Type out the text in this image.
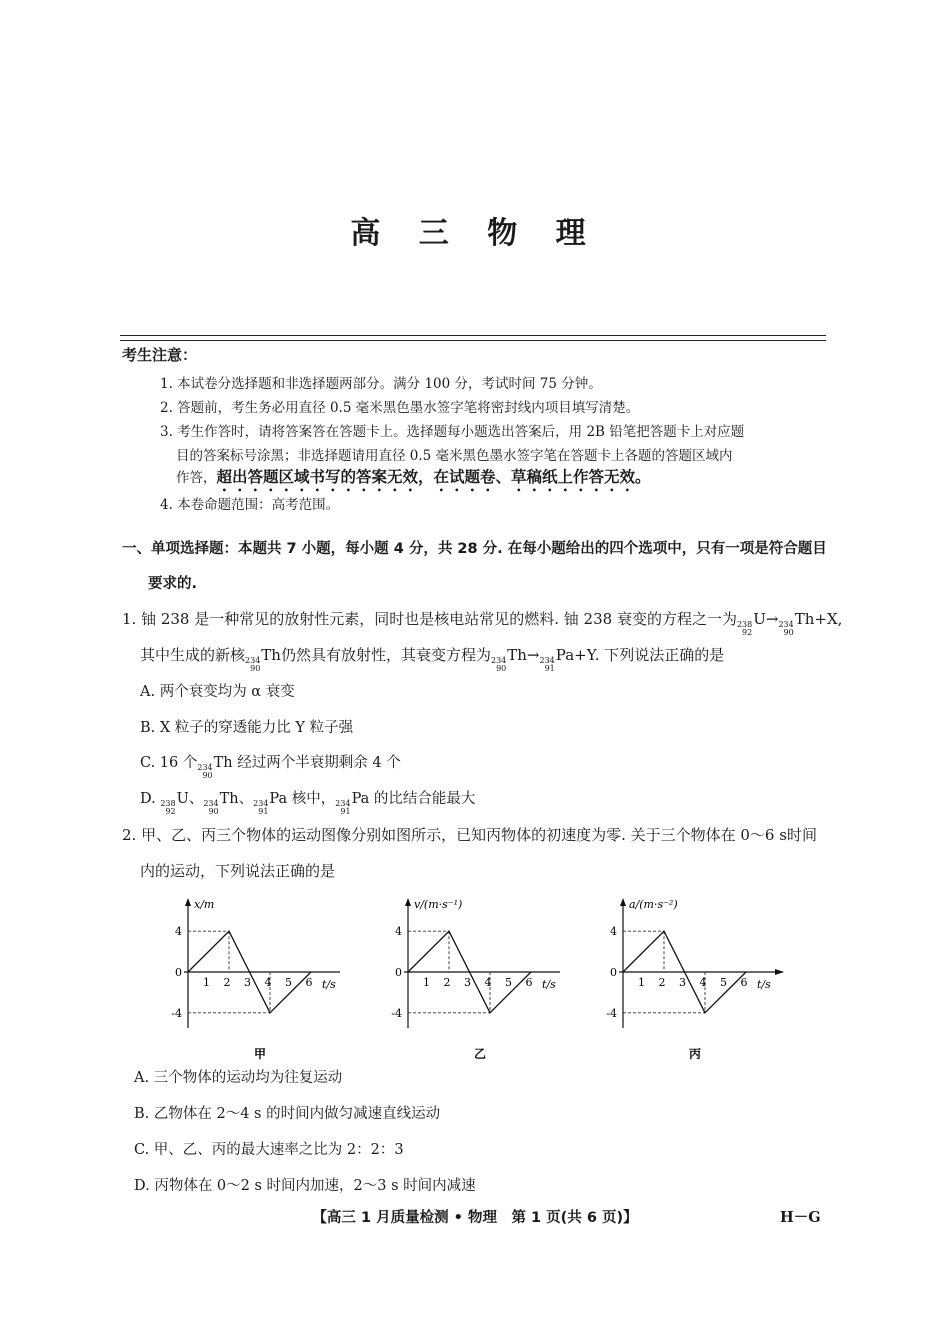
高 三 物 理
考生注意：
1. 本试卷分选择题和非选择题两部分。满分 100 分，考试时间 75 分钟。
2. 答题前，考生务必用直径 0.5 毫米黑色墨水签字笔将密封线内项目填写清楚。
3. 考生作答时，请将答案答在答题卡上。选择题每小题选出答案后，用 2B 铅笔把答题卡上对应题
目的答案标号涂黑；非选择题请用直径 0.5 毫米黑色墨水签字笔在答题卡上各题的答题区域内
作答，超出答题区域书写的答案无效，在试题卷、草稿纸上作答无效。
4. 本卷命题范围：高考范围。
一、单项选择题：本题共 7 小题，每小题 4 分，共 28 分. 在每小题给出的四个选项中，只有一项是符合题目
要求的.
1. 铀 238 是一种常见的放射性元素，同时也是核电站常见的燃料. 铀 238 衰变的方程之一为 238
92
U→ 234
90
Th+X,
其中生成的新核 234
90
Th仍然具有放射性，其衰变方程为 234
90
Th→ 234
91
Pa+Y. 下列说法正确的是
A. 两个衰变均为 α 衰变
B. X 粒子的穿透能力比 Y 粒子强
C. 16 个 234
90
Th 经过两个半衰期剩余 4 个
D. 238
92
U、 234
90
Th、 234
91
Pa 核中， 234
91
Pa 的比结合能最大
2. 甲、乙、丙三个物体的运动图像分别如图所示，已知丙物体的初速度为零. 关于三个物体在 0～6 s时间
内的运动，下列说法正确的是
x/m
t/s
4
0
-4
1 2 3 4 5 6
甲
v/(m·s⁻¹)
t/s
4
0
-4
1 2 3 4 5 6
乙
a/(m·s⁻²)
t/s
4
0
-4
1 2 3 4 5 6
丙
A. 三个物体的运动均为往复运动
B. 乙物体在 2～4 s 的时间内做匀减速直线运动
C. 甲、乙、丙的最大速率之比为 2：2：3
D. 丙物体在 0～2 s 时间内加速，2～3 s 时间内减速
【高三 1 月质量检测 • 物理　第 1 页(共 6 页)】	H－G
